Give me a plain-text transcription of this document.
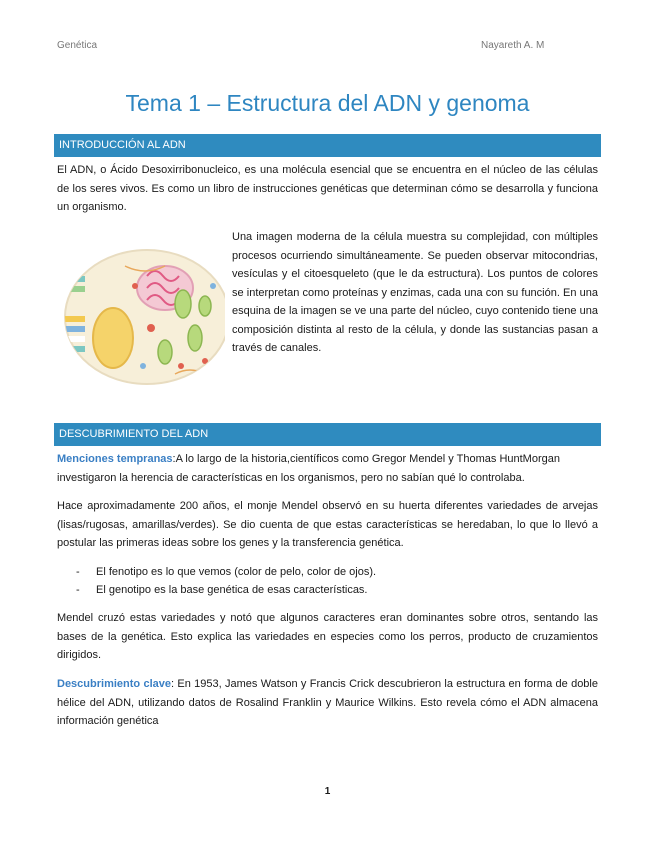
Genética	Nayareth A. M
Tema 1 – Estructura del ADN y genoma
INTRODUCCIÓN AL ADN

El ADN, o Ácido Desoxirribonucleico, es una molécula esencial que se encuentra en el núcleo de las células de los seres vivos. Es como un libro de instrucciones genéticas que determinan cómo se desarrolla y funciona un organismo.

Una imagen moderna de la célula muestra su complejidad, con múltiples procesos ocurriendo simultáneamente. Se pueden observar mitocondrias, vesículas y el citoesqueleto (que le da estructura). Los puntos de colores se interpretan como proteínas y enzimas, cada una con su función. En una esquina de la imagen se ve una parte del núcleo, cuyo contenido tiene una composición distinta al resto de la célula, y donde las sustancias pasan a través de canales.

DESCUBRIMIENTO DEL ADN

Menciones tempranas:A lo largo de la historia,científicos como Gregor Mendel y Thomas HuntMorgan investigaron la herencia de características en los organismos, pero no sabían qué lo controlaba.

Hace aproximadamente 200 años, el monje Mendel observó en su huerta diferentes variedades de arvejas (lisas/rugosas, amarillas/verdes). Se dio cuenta de que estas características se heredaban, lo que lo llevó a postular las primeras ideas sobre los genes y la transferencia genética.

- El fenotipo es lo que vemos (color de pelo, color de ojos).
- El genotipo es la base genética de esas características.

Mendel cruzó estas variedades y notó que algunos caracteres eran dominantes sobre otros, sentando las bases de la genética. Esto explica las variedades en especies como los perros, producto de cruzamientos dirigidos.

Descubrimiento clave: En 1953, James Watson y Francis Crick descubrieron la estructura en forma de doble hélice del ADN, utilizando datos de Rosalind Franklin y Maurice Wilkins. Esto revela cómo el ADN almacena información genética

1
